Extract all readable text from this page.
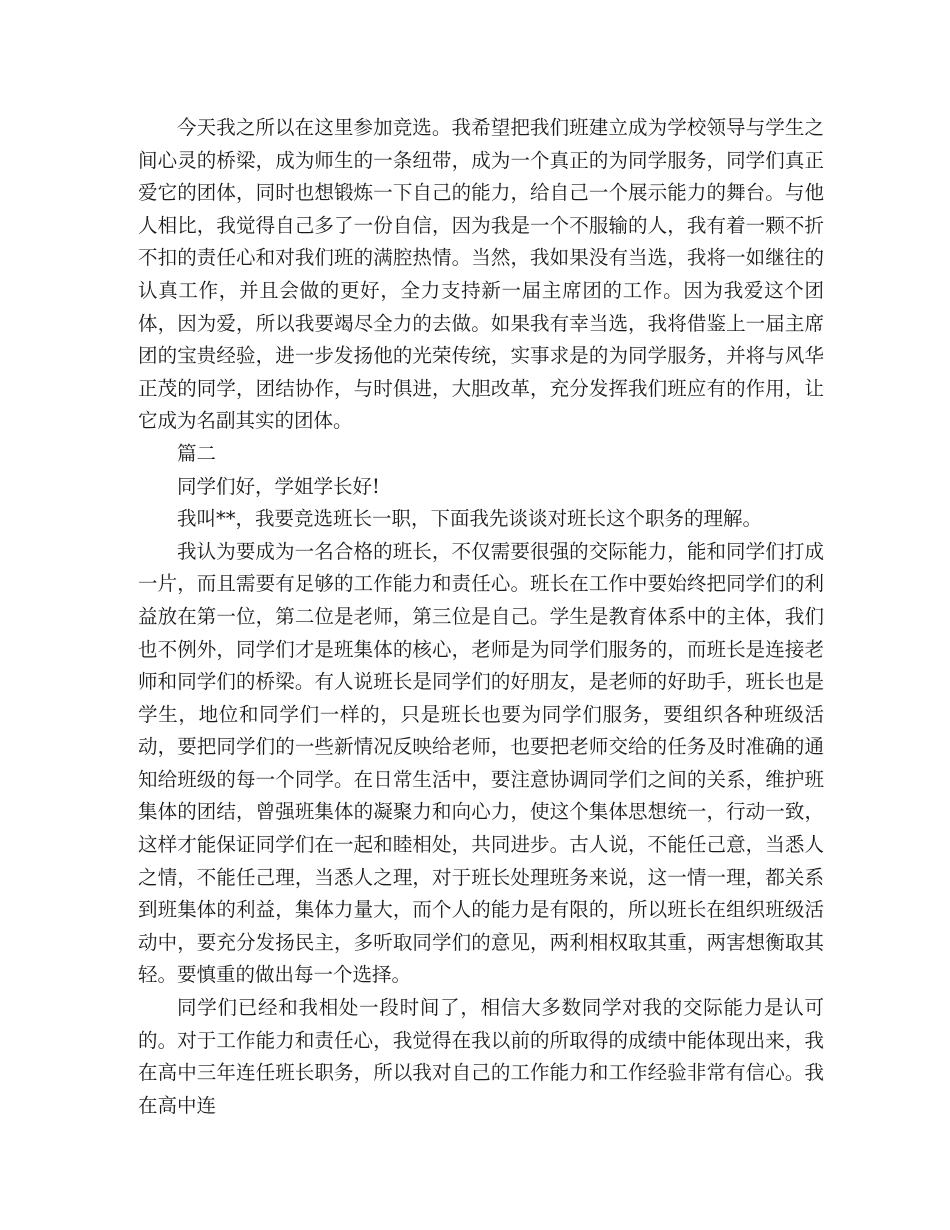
今天我之所以在这里参加竞选。我希望把我们班建立成为学校领导与学生之间心灵的桥梁，成为师生的一条纽带，成为一个真正的为同学服务，同学们真正爱它的团体，同时也想锻炼一下自己的能力，给自己一个展示能力的舞台。与他人相比，我觉得自己多了一份自信，因为我是一个不服输的人，我有着一颗不折不扣的责任心和对我们班的满腔热情。当然，我如果没有当选，我将一如继往的认真工作，并且会做的更好，全力支持新一届主席团的工作。因为我爱这个团体，因为爱，所以我要竭尽全力的去做。如果我有幸当选，我将借鉴上一届主席团的宝贵经验，进一步发扬他的光荣传统，实事求是的为同学服务，并将与风华正茂的同学，团结协作，与时俱进，大胆改革，充分发挥我们班应有的作用，让它成为名副其实的团体。

篇二

同学们好，学姐学长好!

我叫**，我要竞选班长一职，下面我先谈谈对班长这个职务的理解。

我认为要成为一名合格的班长，不仅需要很强的交际能力，能和同学们打成一片，而且需要有足够的工作能力和责任心。班长在工作中要始终把同学们的利益放在第一位，第二位是老师，第三位是自己。学生是教育体系中的主体，我们也不例外，同学们才是班集体的核心，老师是为同学们服务的，而班长是连接老师和同学们的桥梁。有人说班长是同学们的好朋友，是老师的好助手，班长也是学生，地位和同学们一样的，只是班长也要为同学们服务，要组织各种班级活动，要把同学们的一些新情况反映给老师，也要把老师交给的任务及时准确的通知给班级的每一个同学。在日常生活中，要注意协调同学们之间的关系，维护班集体的团结，曾强班集体的凝聚力和向心力，使这个集体思想统一，行动一致，这样才能保证同学们在一起和睦相处，共同进步。古人说，不能任己意，当悉人之情，不能任己理，当悉人之理，对于班长处理班务来说，这一情一理，都关系到班集体的利益，集体力量大，而个人的能力是有限的，所以班长在组织班级活动中，要充分发扬民主，多听取同学们的意见，两利相权取其重，两害想衡取其轻。要慎重的做出每一个选择。

同学们已经和我相处一段时间了，相信大多数同学对我的交际能力是认可的。对于工作能力和责任心，我觉得在我以前的所取得的成绩中能体现出来，我在高中三年连任班长职务，所以我对自己的工作能力和工作经验非常有信心。我在高中连
